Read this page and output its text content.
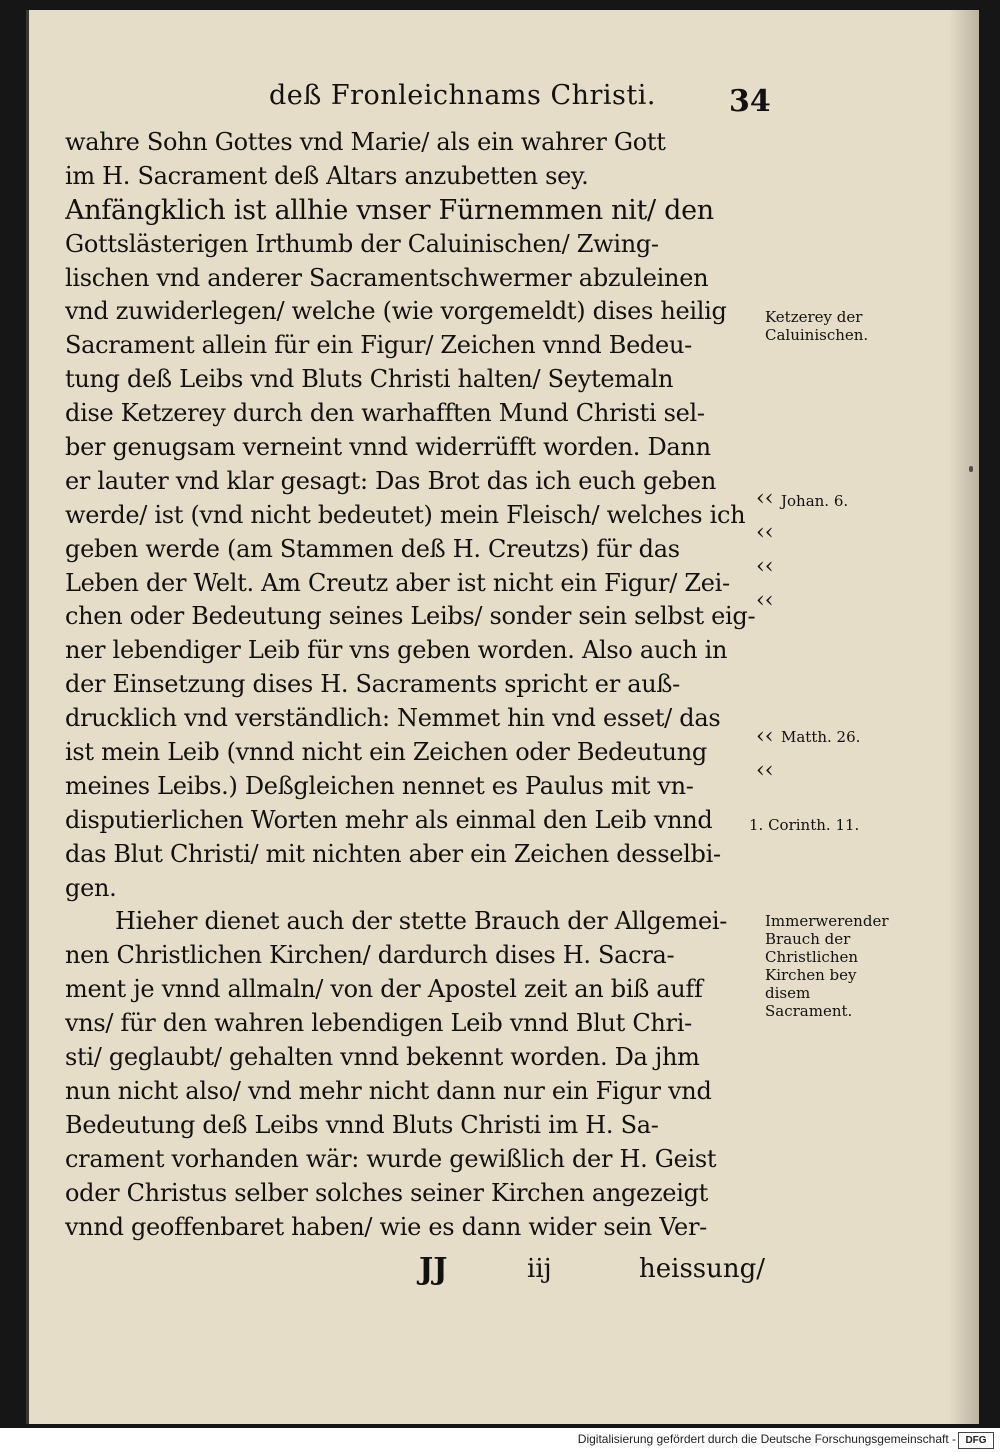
deß Fronleichnams Christi. 34
wahre Sohn Gottes vnd Marie/ als ein wahrer Gott
im H. Sacrament deß Altars anzubetten sey.
Anfängklich ist allhie vnser Fürnemmen nit/ den
Gottslästerigen Irthumb der Caluinischen/ Zwing-
lischen vnd anderer Sacramentschwermer abzuleinen
vnd zuwiderlegen/ welche (wie vorgemeldt) dises heilig
Sacrament allein für ein Figur/ Zeichen vnnd Bedeu-
tung deß Leibs vnd Bluts Christi halten/ Seytemaln
dise Ketzerey durch den warhafften Mund Christi sel-
ber genugsam verneint vnnd widerrüfft worden. Dann
er lauter vnd klar gesagt: Das Brot das ich euch geben
werde/ ist (vnd nicht bedeutet) mein Fleisch/ welches ich
geben werde (am Stammen deß H. Creutzs) für das
Leben der Welt. Am Creutz aber ist nicht ein Figur/ Zei-
chen oder Bedeutung seines Leibs/ sonder sein selbst eig-
ner lebendiger Leib für vns geben worden. Also auch in
der Einsetzung dises H. Sacraments spricht er auß-
drucklich vnd verständlich: Nemmet hin vnd esset/ das
ist mein Leib (vnnd nicht ein Zeichen oder Bedeutung
meines Leibs.) Deßgleichen nennet es Paulus mit vn-
disputierlichen Worten mehr als einmal den Leib vnnd
das Blut Christi/ mit nichten aber ein Zeichen desselbi-
gen.
Hieher dienet auch der stette Brauch der Allgemei-
nen Christlichen Kirchen/ dardurch dises H. Sacra-
ment je vnnd allmaln/ von der Apostel zeit an biß auff
vns/ für den wahren lebendigen Leib vnnd Blut Chri-
sti/ geglaubt/ gehalten vnnd bekennt worden. Da jhm
nun nicht also/ vnd mehr nicht dann nur ein Figur vnd
Bedeutung deß Leibs vnnd Bluts Christi im H. Sa-
crament vorhanden wär: wurde gewißlich der H. Geist
oder Christus selber solches seiner Kirchen angezeigt
vnnd geoffenbaret haben/ wie es dann wider sein Ver-
‹‹
‹‹
‹‹
‹‹
‹‹
‹‹
Ketzerey der Caluinischen.
Johan. 6.
Matth. 26.
1. Corinth. 11.
Immerwerender Brauch der Christlichen Kirchen bey disem Sacrament.
JJ	iij	heissung/
Digitalisierung gefördert durch die Deutsche Forschungsgemeinschaft - DFG
